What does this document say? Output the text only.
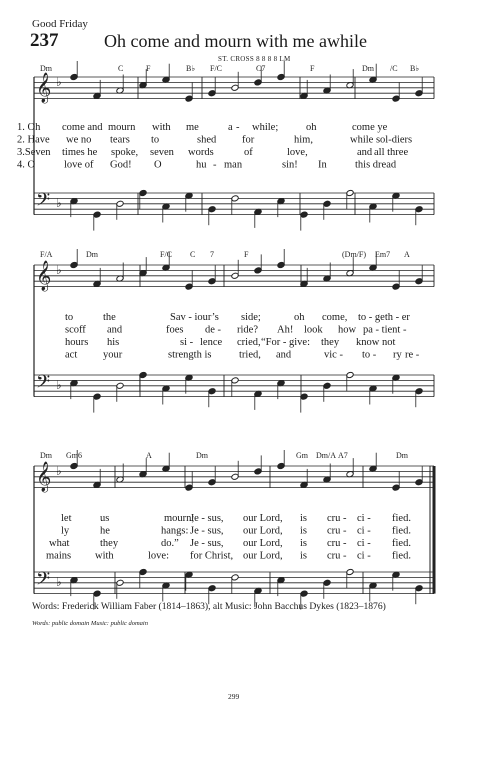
Good Friday
237	Oh come and mourn with me awhile
ST. CROSS 8 8 8 8 LM
𝄞
𝄢
♭
♭
Dm	C	F	B♭ F/C	C7	F	Dm /C B♭
1. Oh come and mourn with me	a - while;	oh	come ye
2. Have we no tears to	shed for	him,	while sol-diers
3.Seven times he spoke, seven words	of	love,	and all three
4. O	love of God! O	hu - man	sin! In	this dread
𝄞
𝄢
♭
♭
F/A	Dm	F/C C 7	F	(Dm/F) Em7 A
to	the	Sav - iour’s side;	oh come, to - geth - er
scoff and	foes de - ride? Ah! look how pa - tient -
hours his	si - lence cried, “For - give: they know not
act your	strength is	tried, and	vic - to - ry re -
𝄞
𝄢
♭
♭
Dm Gm6	A	Dm	Gm Dm/A A7	Dm
let	us	mourn;
Je - sus, our Lord, is cru - ci - fied.
ly	he	hangs: Je - sus, our Lord, is cru - ci - fied.
what	they	do.” Je - sus, our Lord, is cru - ci - fied.
mains with	love: for Christ, our Lord, is cru - ci - fied.
Words: Frederick William Faber (1814–1863), alt Music: John Bacchus Dykes (1823–1876)
Words: public domain Music: public domain
299
